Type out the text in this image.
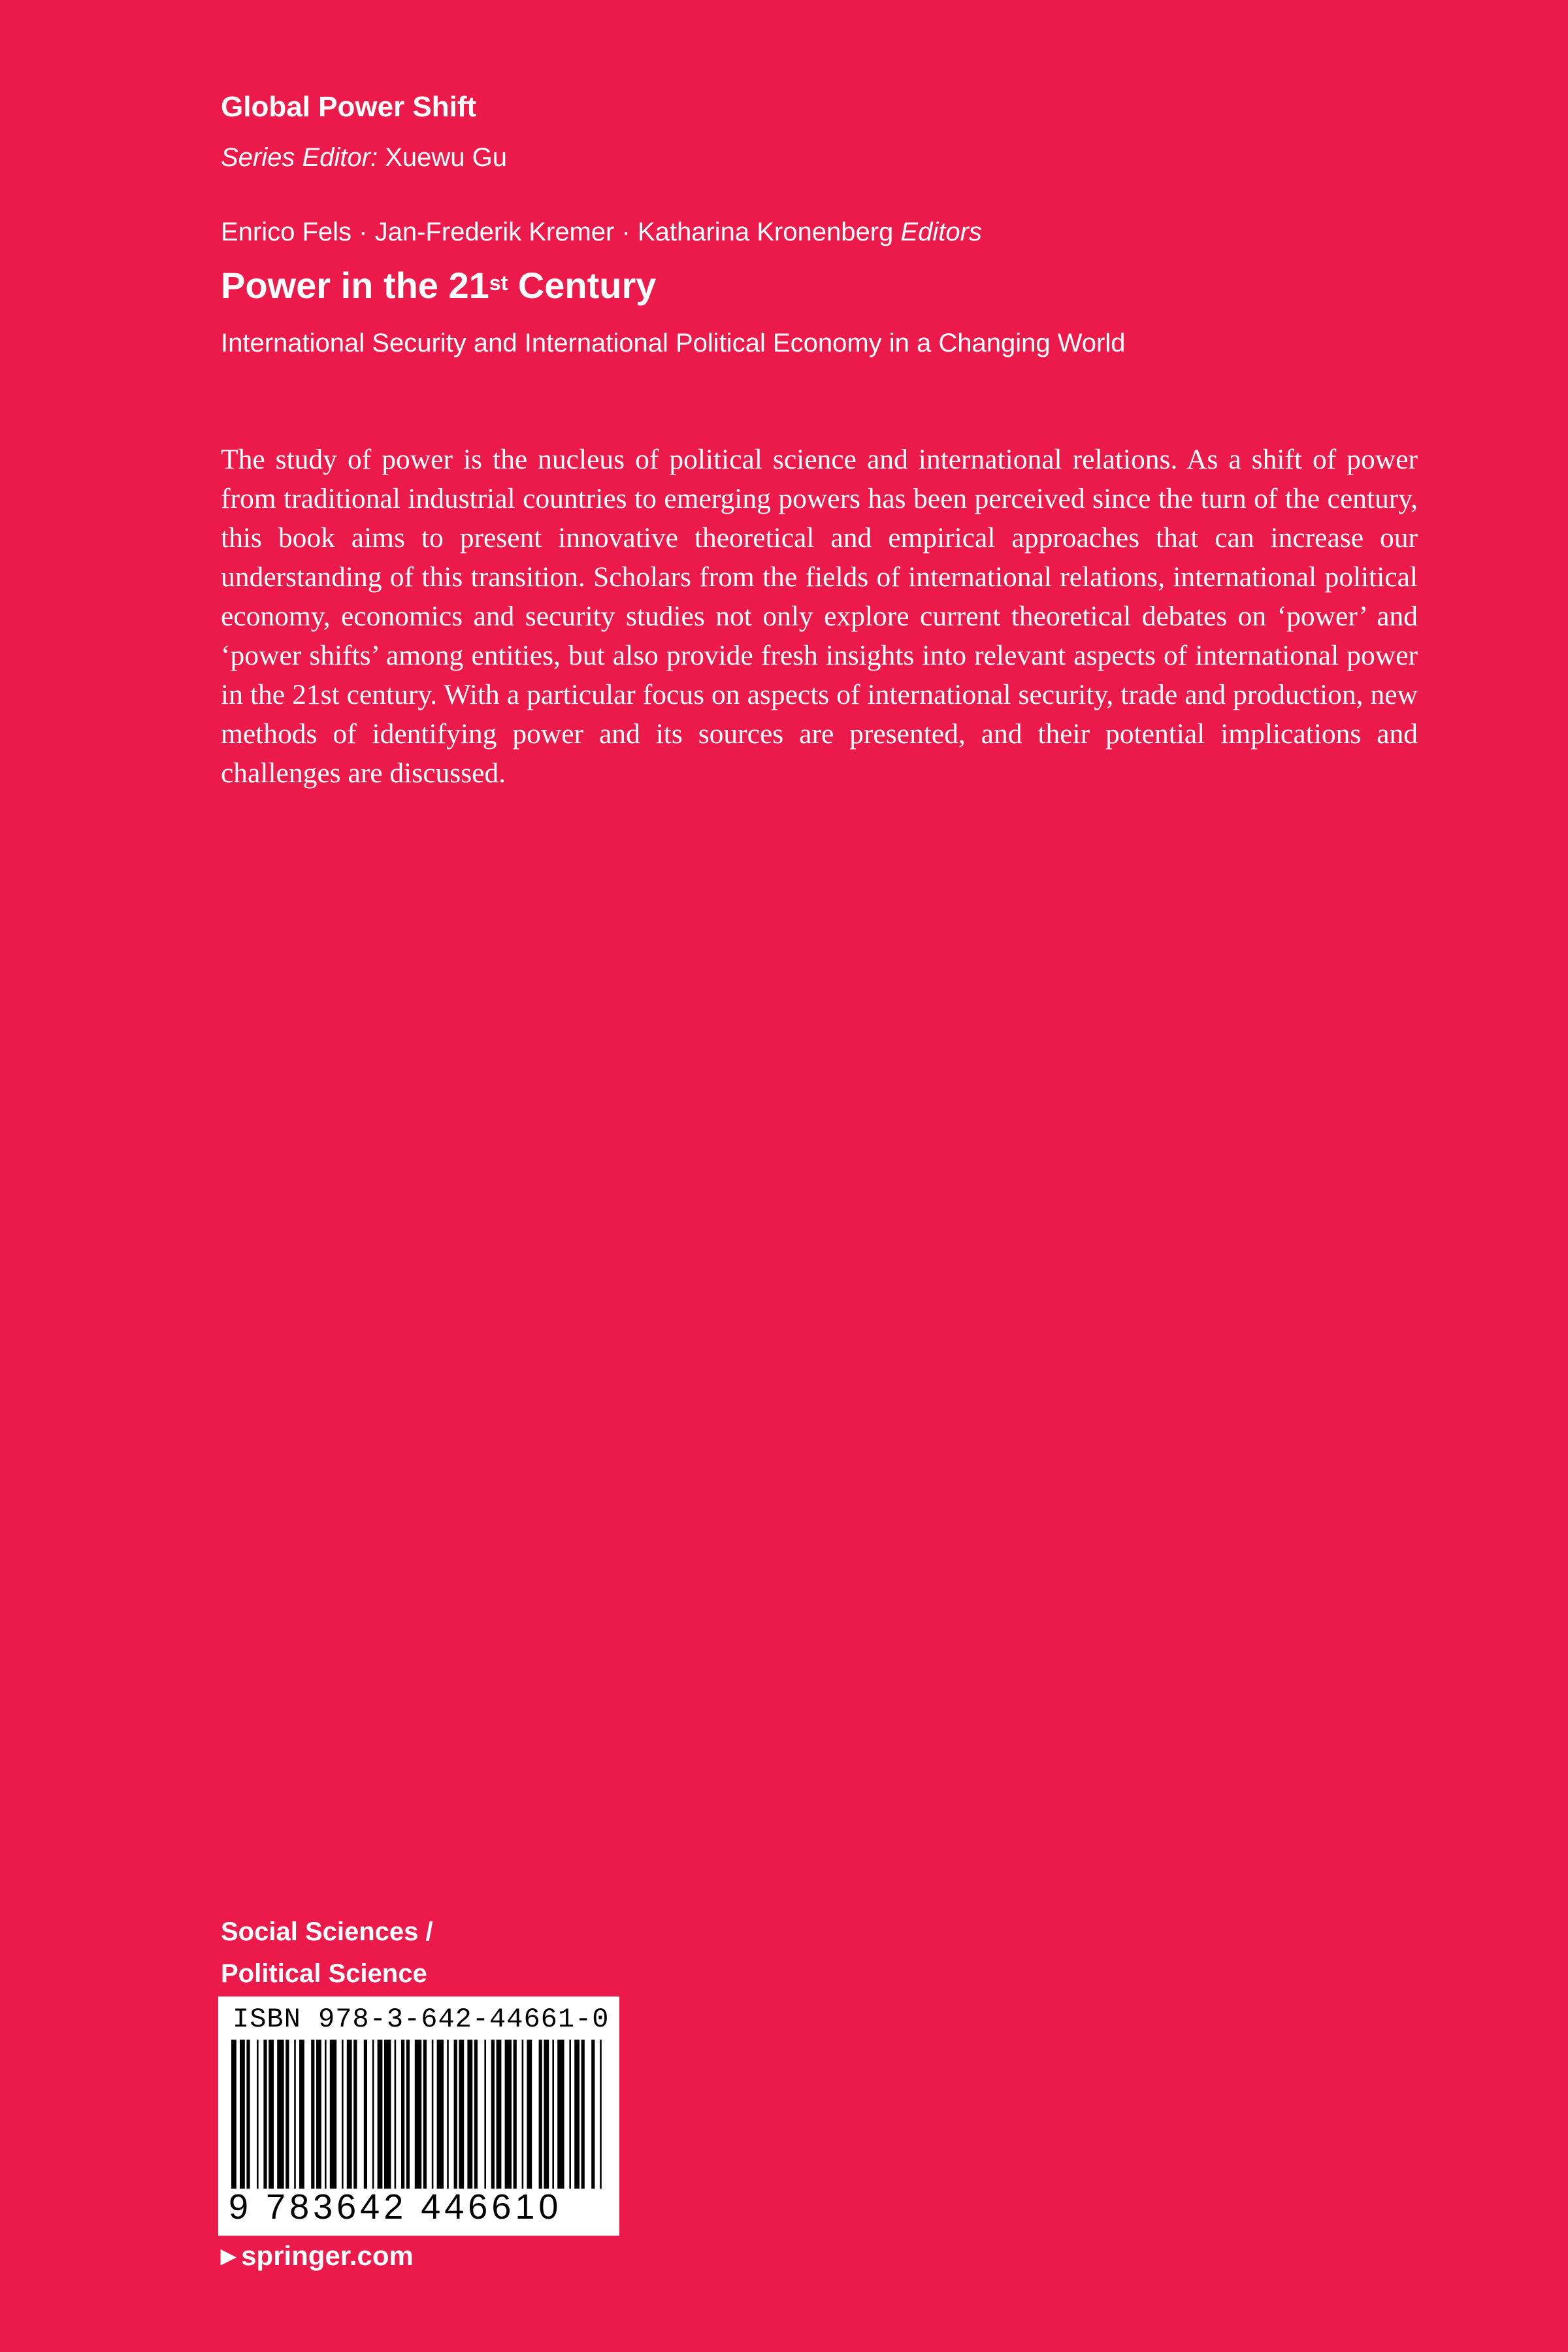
Global Power Shift
Series Editor: Xuewu Gu
Enrico Fels · Jan-Frederik Kremer · Katharina Kronenberg Editors
Power in the 21st Century
International Security and International Political Economy in a Changing World

The study of power is the nucleus of political science and international relations. As a shift of power from traditional industrial countries to emerging powers has been perceived since the turn of the century, this book aims to present innovative theoretical and empirical approaches that can increase our understanding of this transition. Scholars from the fields of international relations, international political economy, economics and security studies not only explore current theoretical debates on ‘power’ and ‘power shifts’ among entities, but also provide fresh insights into relevant aspects of international power in the 21st century. With a particular focus on aspects of international security, trade and production, new methods of identifying power and its sources are presented, and their potential implications and challenges are discussed.

Social Sciences /
Political Science
ISBN 978-3-642-44661-0
9 783642 446610
▶ springer.com
